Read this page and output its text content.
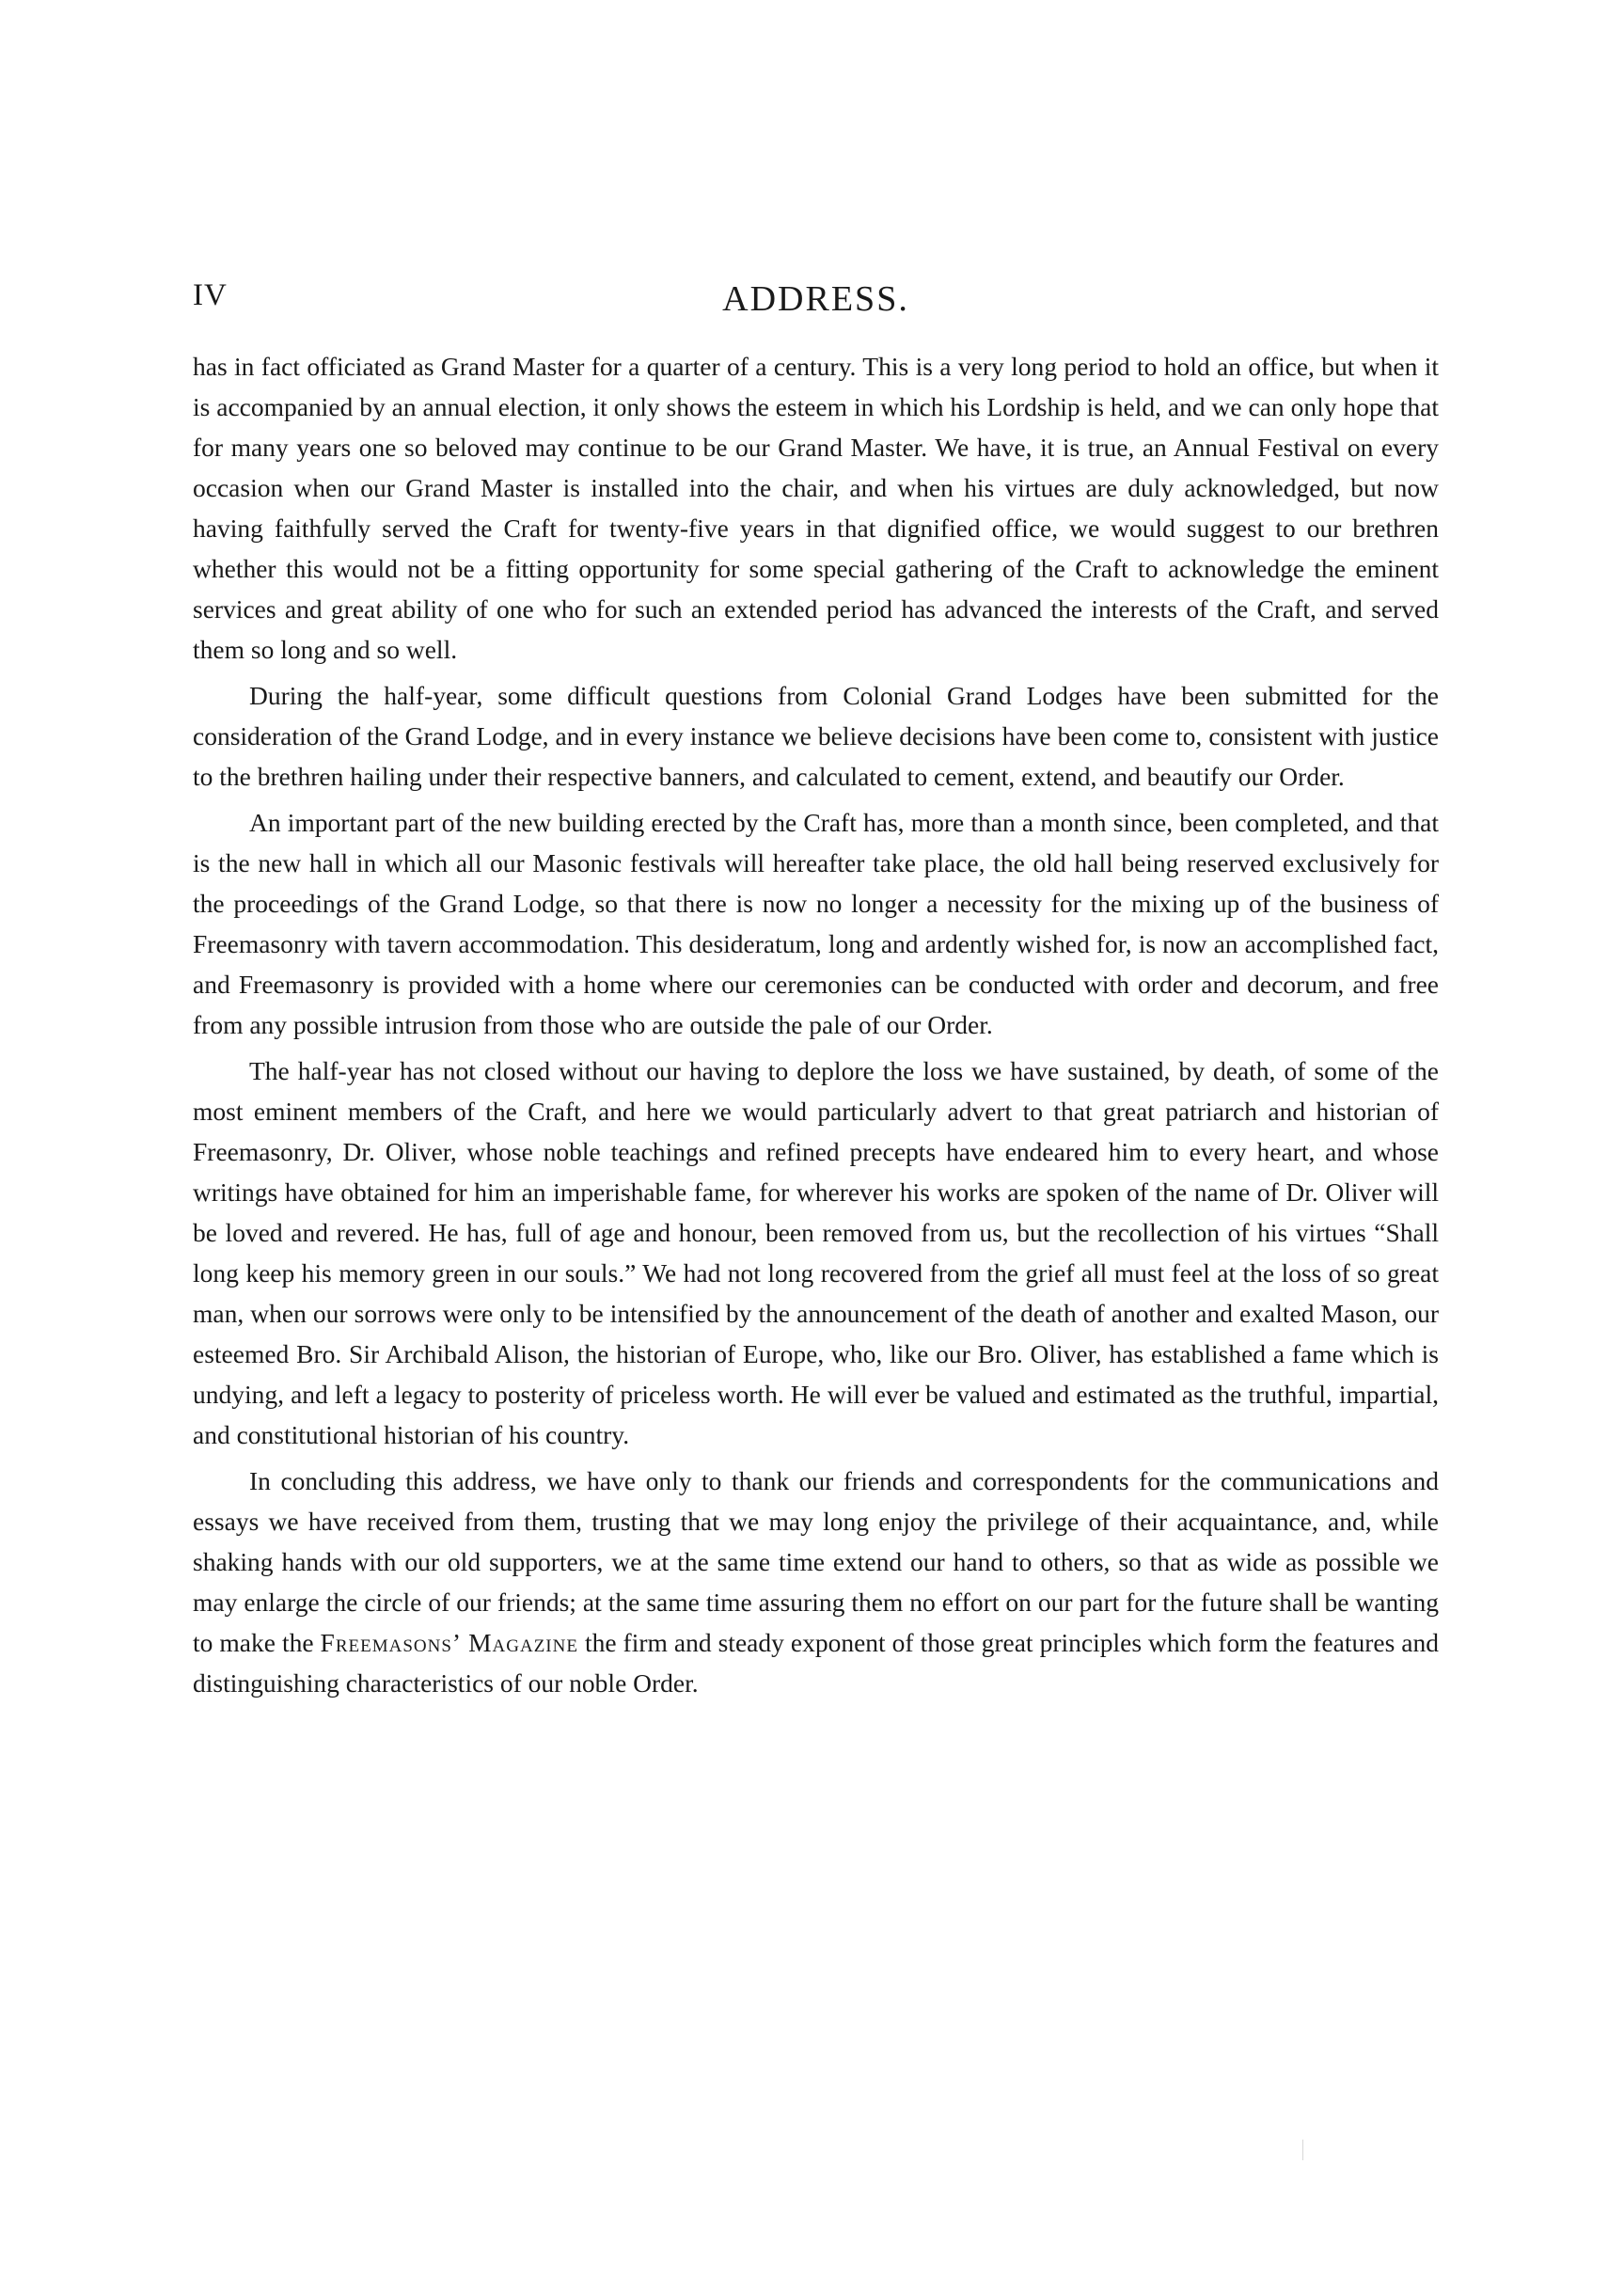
IV	ADDRESS.

has in fact officiated as Grand Master for a quarter of a century. This is a very long period to hold an office, but when it is accompanied by an annual election, it only shows the esteem in which his Lordship is held, and we can only hope that for many years one so beloved may continue to be our Grand Master. We have, it is true, an Annual Festival on every occasion when our Grand Master is installed into the chair, and when his virtues are duly acknowledged, but now having faithfully served the Craft for twenty-five years in that dignified office, we would suggest to our brethren whether this would not be a fitting opportunity for some special gathering of the Craft to acknowledge the eminent services and great ability of one who for such an extended period has advanced the interests of the Craft, and served them so long and so well.

During the half-year, some difficult questions from Colonial Grand Lodges have been submitted for the consideration of the Grand Lodge, and in every instance we believe decisions have been come to, consistent with justice to the brethren hailing under their respective banners, and calculated to cement, extend, and beautify our Order.

An important part of the new building erected by the Craft has, more than a month since, been completed, and that is the new hall in which all our Masonic festivals will hereafter take place, the old hall being reserved exclusively for the proceedings of the Grand Lodge, so that there is now no longer a necessity for the mixing up of the business of Freemasonry with tavern accommodation. This desideratum, long and ardently wished for, is now an accomplished fact, and Freemasonry is provided with a home where our ceremonies can be conducted with order and decorum, and free from any possible intrusion from those who are outside the pale of our Order.

The half-year has not closed without our having to deplore the loss we have sustained, by death, of some of the most eminent members of the Craft, and here we would particularly advert to that great patriarch and historian of Freemasonry, Dr. Oliver, whose noble teachings and refined precepts have endeared him to every heart, and whose writings have obtained for him an imperishable fame, for wherever his works are spoken of the name of Dr. Oliver will be loved and revered. He has, full of age and honour, been removed from us, but the recollection of his virtues “Shall long keep his memory green in our souls.” We had not long recovered from the grief all must feel at the loss of so great man, when our sorrows were only to be intensified by the announcement of the death of another and exalted Mason, our esteemed Bro. Sir Archibald Alison, the historian of Europe, who, like our Bro. Oliver, has established a fame which is undying, and left a legacy to posterity of priceless worth. He will ever be valued and estimated as the truthful, impartial, and constitutional historian of his country.

In concluding this address, we have only to thank our friends and correspondents for the communications and essays we have received from them, trusting that we may long enjoy the privilege of their acquaintance, and, while shaking hands with our old supporters, we at the same time extend our hand to others, so that as wide as possible we may enlarge the circle of our friends; at the same time assuring them no effort on our part for the future shall be wanting to make the Freemasons’ Magazine the firm and steady exponent of those great principles which form the features and distinguishing characteristics of our noble Order.
